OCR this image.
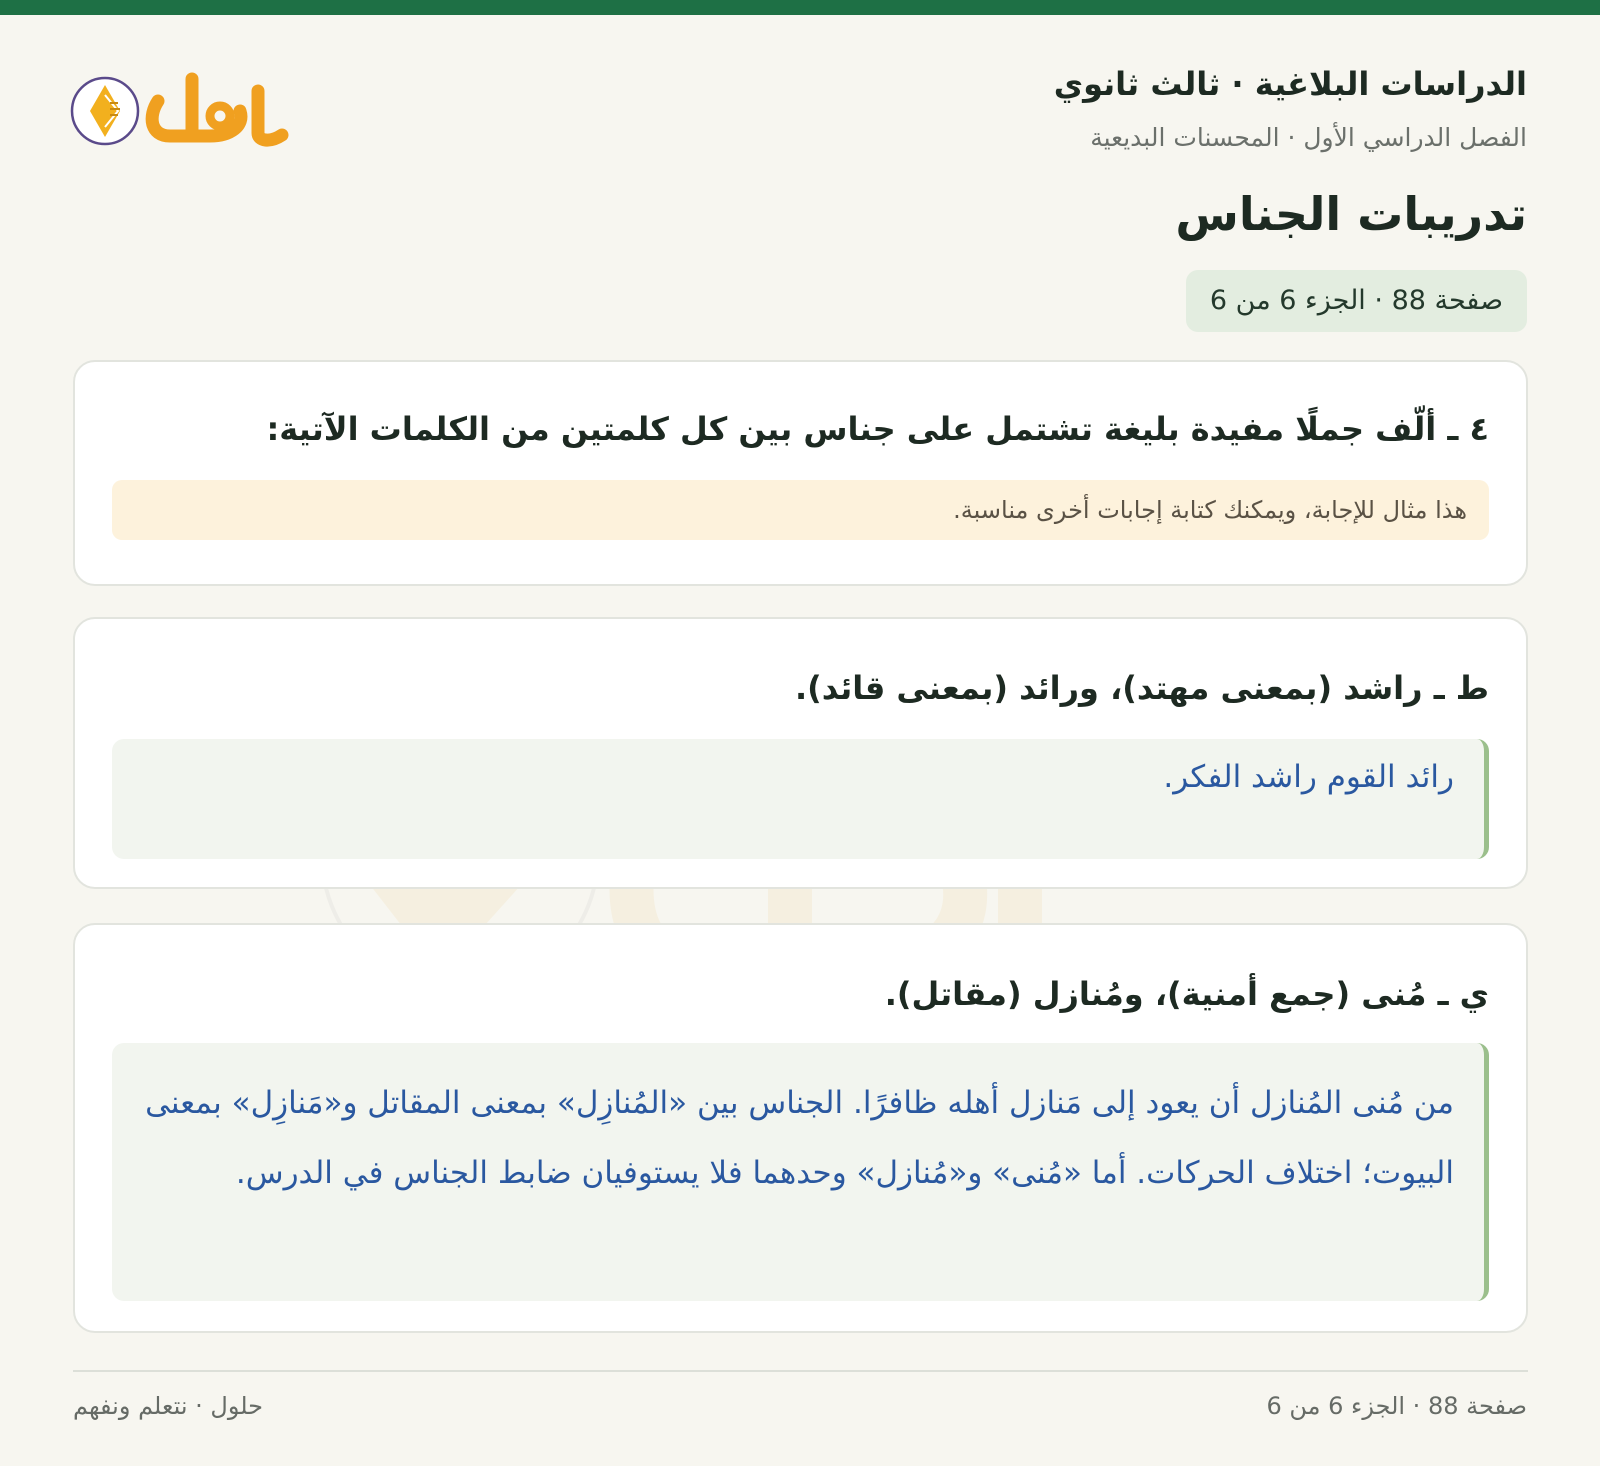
الدراسات البلاغية · ثالث ثانوي
الفصل الدراسي الأول · المحسنات البديعية
تدريبات الجناس
صفحة 88 · الجزء 6 من 6
٤ ـ ألّف جملًا مفيدة بليغة تشتمل على جناس بين كل كلمتين من الكلمات الآتية:
هذا مثال للإجابة، ويمكنك كتابة إجابات أخرى مناسبة.
ط ـ راشد (بمعنى مهتد)، ورائد (بمعنى قائد).
رائد القوم راشد الفكر.
ي ـ مُنى (جمع أمنية)، ومُنازل (مقاتل).
من مُنى المُنازل أن يعود إلى مَنازل أهله ظافرًا. الجناس بين «المُنازِل» بمعنى المقاتل و«مَنازِل» بمعنى البيوت؛ اختلاف الحركات. أما «مُنى» و«مُنازل» وحدهما فلا يستوفيان ضابط الجناس في الدرس.
صفحة 88 · الجزء 6 من 6
حلول · نتعلم ونفهم
